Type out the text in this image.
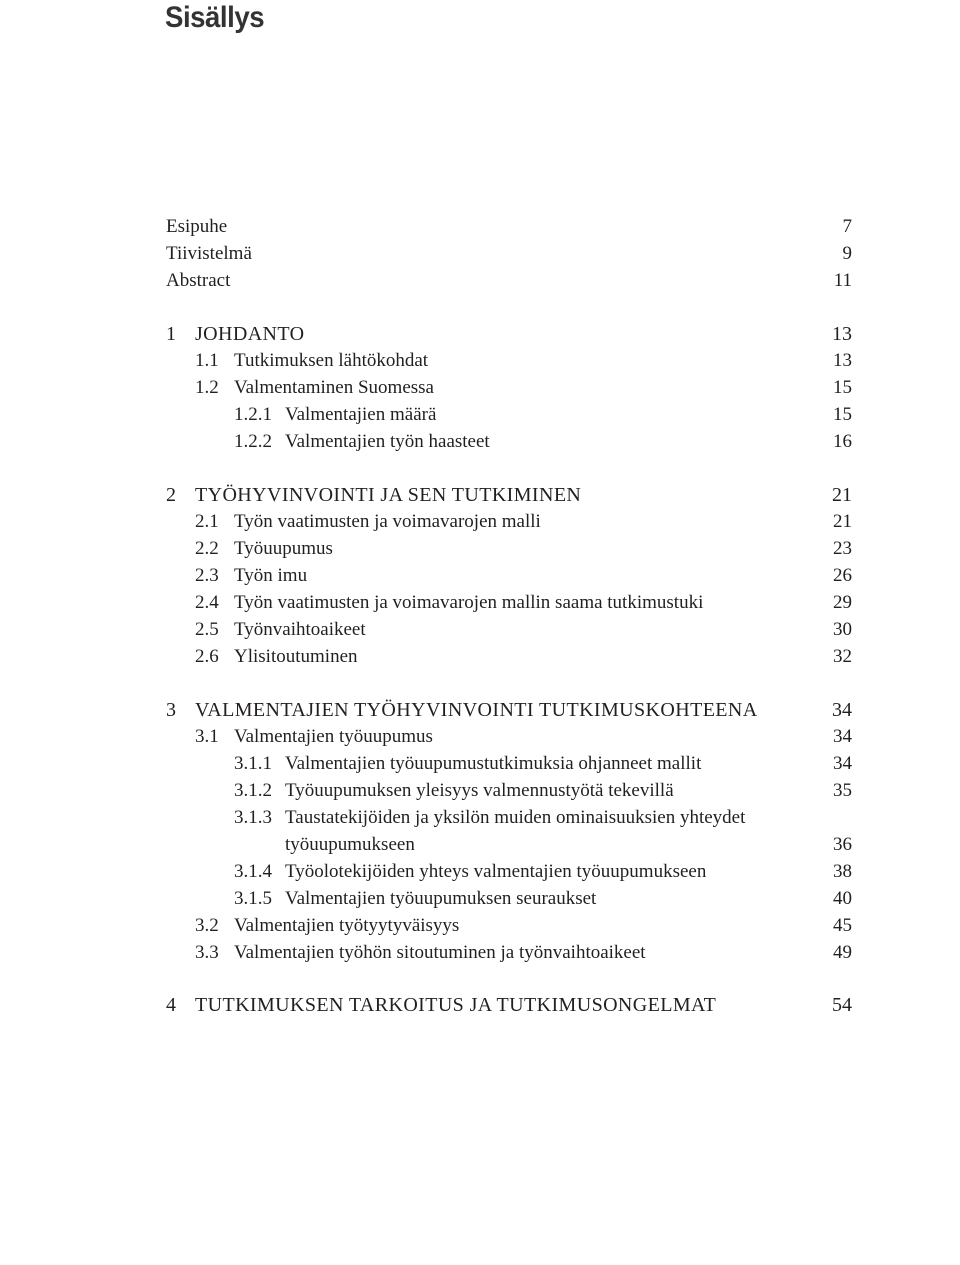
Sisällys
Esipuhe	7
Tiivistelmä	9
Abstract	11
1 JOHDANTO	13
1.1 Tutkimuksen lähtökohdat	13
1.2 Valmentaminen Suomessa	15
1.2.1 Valmentajien määrä	15
1.2.2 Valmentajien työn haasteet	16
2 TYÖHYVINVOINTI JA SEN TUTKIMINEN	21
2.1 Työn vaatimusten ja voimavarojen malli	21
2.2 Työuupumus	23
2.3 Työn imu	26
2.4 Työn vaatimusten ja voimavarojen mallin saama tutkimustuki	29
2.5 Työnvaihtoaikeet	30
2.6 Ylisitoutuminen	32
3 VALMENTAJIEN TYÖHYVINVOINTI TUTKIMUSKOHTEENA	34
3.1 Valmentajien työuupumus	34
3.1.1 Valmentajien työuupumustutkimuksia ohjanneet mallit	34
3.1.2 Työuupumuksen yleisyys valmennustyötä tekevillä	35
3.1.3 Taustatekijöiden ja yksilön muiden ominaisuuksien yhteydet
työuupumukseen	36
3.1.4 Työolotekijöiden yhteys valmentajien työuupumukseen	38
3.1.5 Valmentajien työuupumuksen seuraukset	40
3.2 Valmentajien työtyytyväisyys	45
3.3 Valmentajien työhön sitoutuminen ja työnvaihtoaikeet	49
4 TUTKIMUKSEN TARKOITUS JA TUTKIMUSONGELMAT	54
